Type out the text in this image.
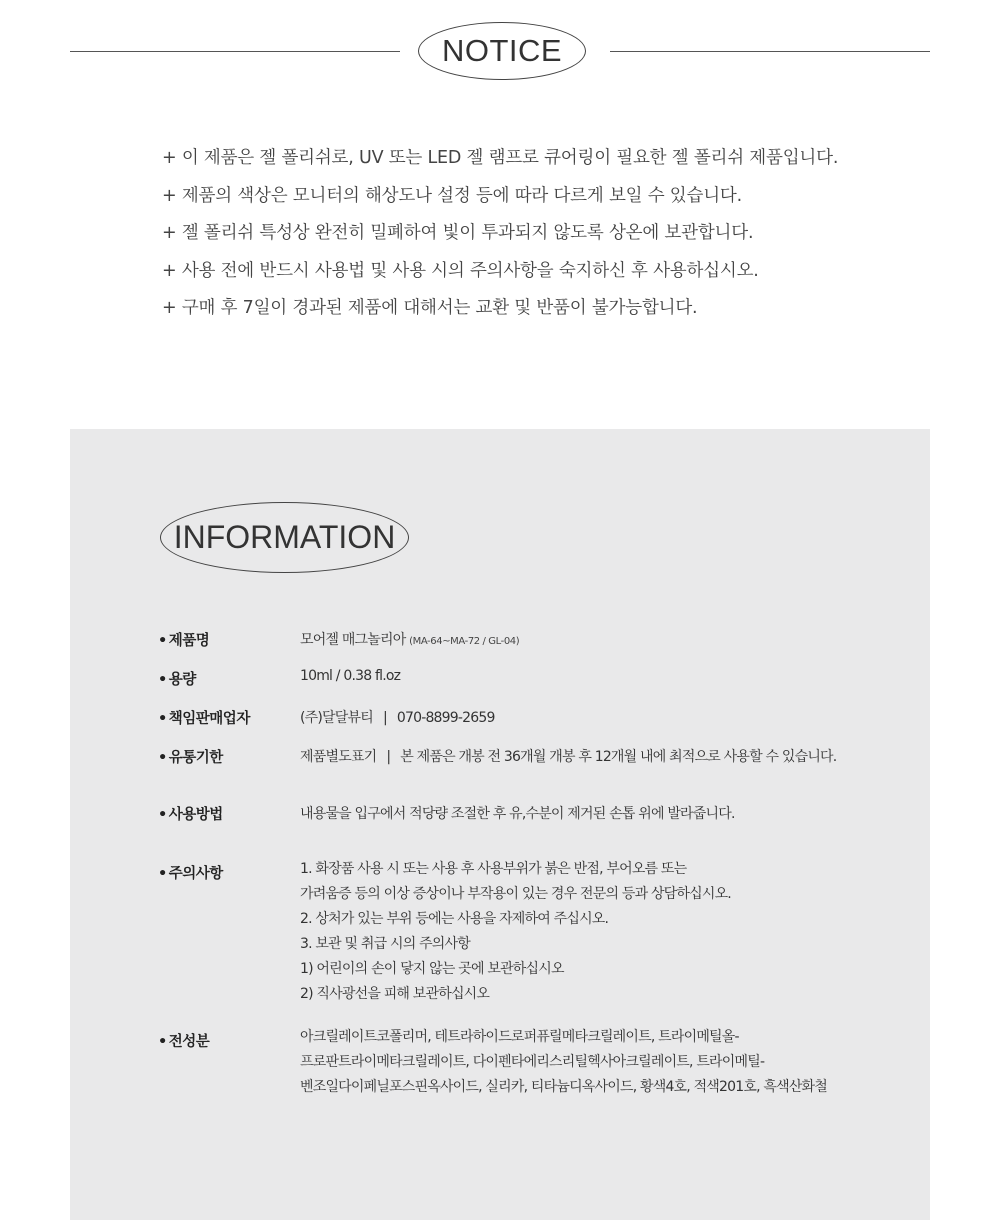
NOTICE
+ 이 제품은 젤 폴리쉬로, UV 또는 LED 젤 램프로 큐어링이 필요한 젤 폴리쉬 제품입니다.
+ 제품의 색상은 모니터의 해상도나 설정 등에 따라 다르게 보일 수 있습니다.
+ 젤 폴리쉬 특성상 완전히 밀폐하여 빛이 투과되지 않도록 상온에 보관합니다.
+ 사용 전에 반드시 사용법 및 사용 시의 주의사항을 숙지하신 후 사용하십시오.
+ 구매 후 7일이 경과된 제품에 대해서는 교환 및 반품이 불가능합니다.
INFORMATION
• 제품명	모어젤 매그놀리아 (MA-64~MA-72 / GL-04)
• 용량	10ml / 0.38 fl.oz
• 책임판매업자	(주)달달뷰티 | 070-8899-2659
• 유통기한	제품별도표기 | 본 제품은 개봉 전 36개월 개봉 후 12개월 내에 최적으로 사용할 수 있습니다.
• 사용방법	내용물을 입구에서 적당량 조절한 후 유,수분이 제거된 손톱 위에 발라줍니다.
• 주의사항	1. 화장품 사용 시 또는 사용 후 사용부위가 붉은 반점, 부어오름 또는
가려움증 등의 이상 증상이나 부작용이 있는 경우 전문의 등과 상담하십시오.
2. 상처가 있는 부위 등에는 사용을 자제하여 주십시오.
3. 보관 및 취급 시의 주의사항
1) 어린이의 손이 닿지 않는 곳에 보관하십시오
2) 직사광선을 피해 보관하십시오
• 전성분	아크릴레이트코폴리머, 테트라하이드로퍼퓨릴메타크릴레이트, 트라이메틸올-
프로판트라이메타크릴레이트, 다이펜타에리스리틸헥사아크릴레이트, 트라이메틸-
벤조일다이페닐포스핀옥사이드, 실리카, 티타늄디옥사이드, 황색4호, 적색201호, 흑색산화철
